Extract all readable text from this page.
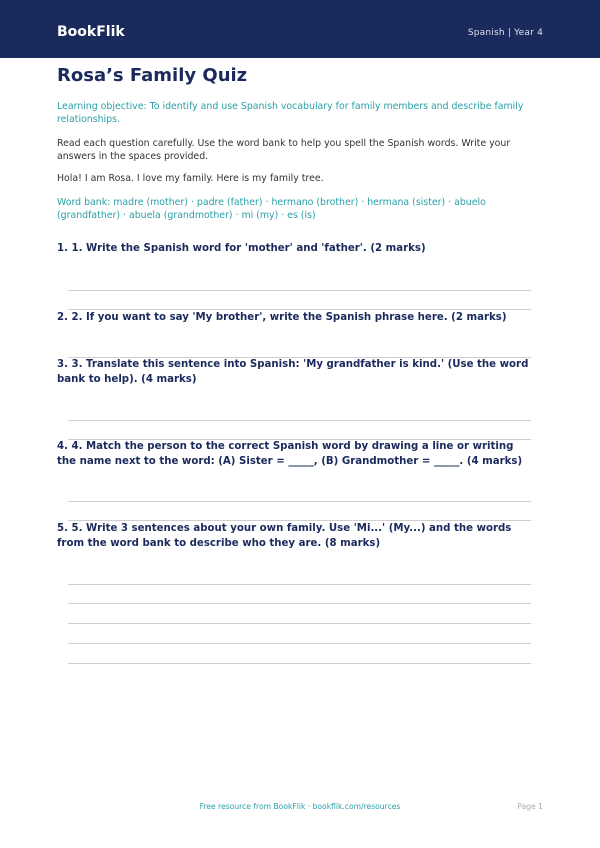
BookFlik	Spanish | Year 4
Rosa’s Family Quiz

Learning objective: To identify and use Spanish vocabulary for family members and describe family relationships.

Read each question carefully. Use the word bank to help you spell the Spanish words. Write your answers in the spaces provided.

Hola! I am Rosa. I love my family. Here is my family tree.

Word bank: madre (mother) · padre (father) · hermano (brother) · hermana (sister) · abuelo (grandfather) · abuela (grandmother) · mi (my) · es (is)

1. 1. Write the Spanish word for 'mother' and 'father'. (2 marks)

2. 2. If you want to say 'My brother', write the Spanish phrase here. (2 marks)

3. 3. Translate this sentence into Spanish: 'My grandfather is kind.' (Use the word bank to help). (4 marks)

4. 4. Match the person to the correct Spanish word by drawing a line or writing the name next to the word: (A) Sister = _____, (B) Grandmother = _____. (4 marks)

5. 5. Write 3 sentences about your own family. Use 'Mi...' (My...) and the words from the word bank to describe who they are. (8 marks)

Free resource from BookFlik · bookflik.com/resources	Page 1
